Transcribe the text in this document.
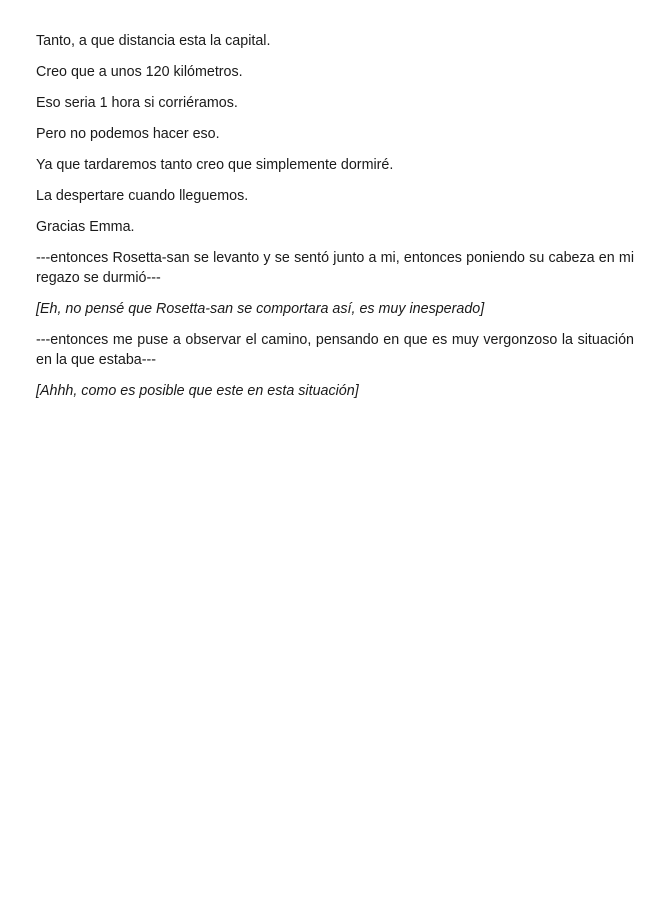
Tanto, a que distancia esta la capital.

Creo que a unos 120 kilómetros.

Eso seria 1 hora si corriéramos.

Pero no podemos hacer eso.

Ya que tardaremos tanto creo que simplemente dormiré.

La despertare cuando lleguemos.

Gracias Emma.

---entonces Rosetta-san se levanto y se sentó junto a mi, entonces poniendo su cabeza en mi regazo se durmió---

[Eh, no pensé que Rosetta-san se comportara así, es muy inesperado]

---entonces me puse a observar el camino, pensando en que es muy vergonzoso la situación en la que estaba---

[Ahhh, como es posible que este en esta situación]
